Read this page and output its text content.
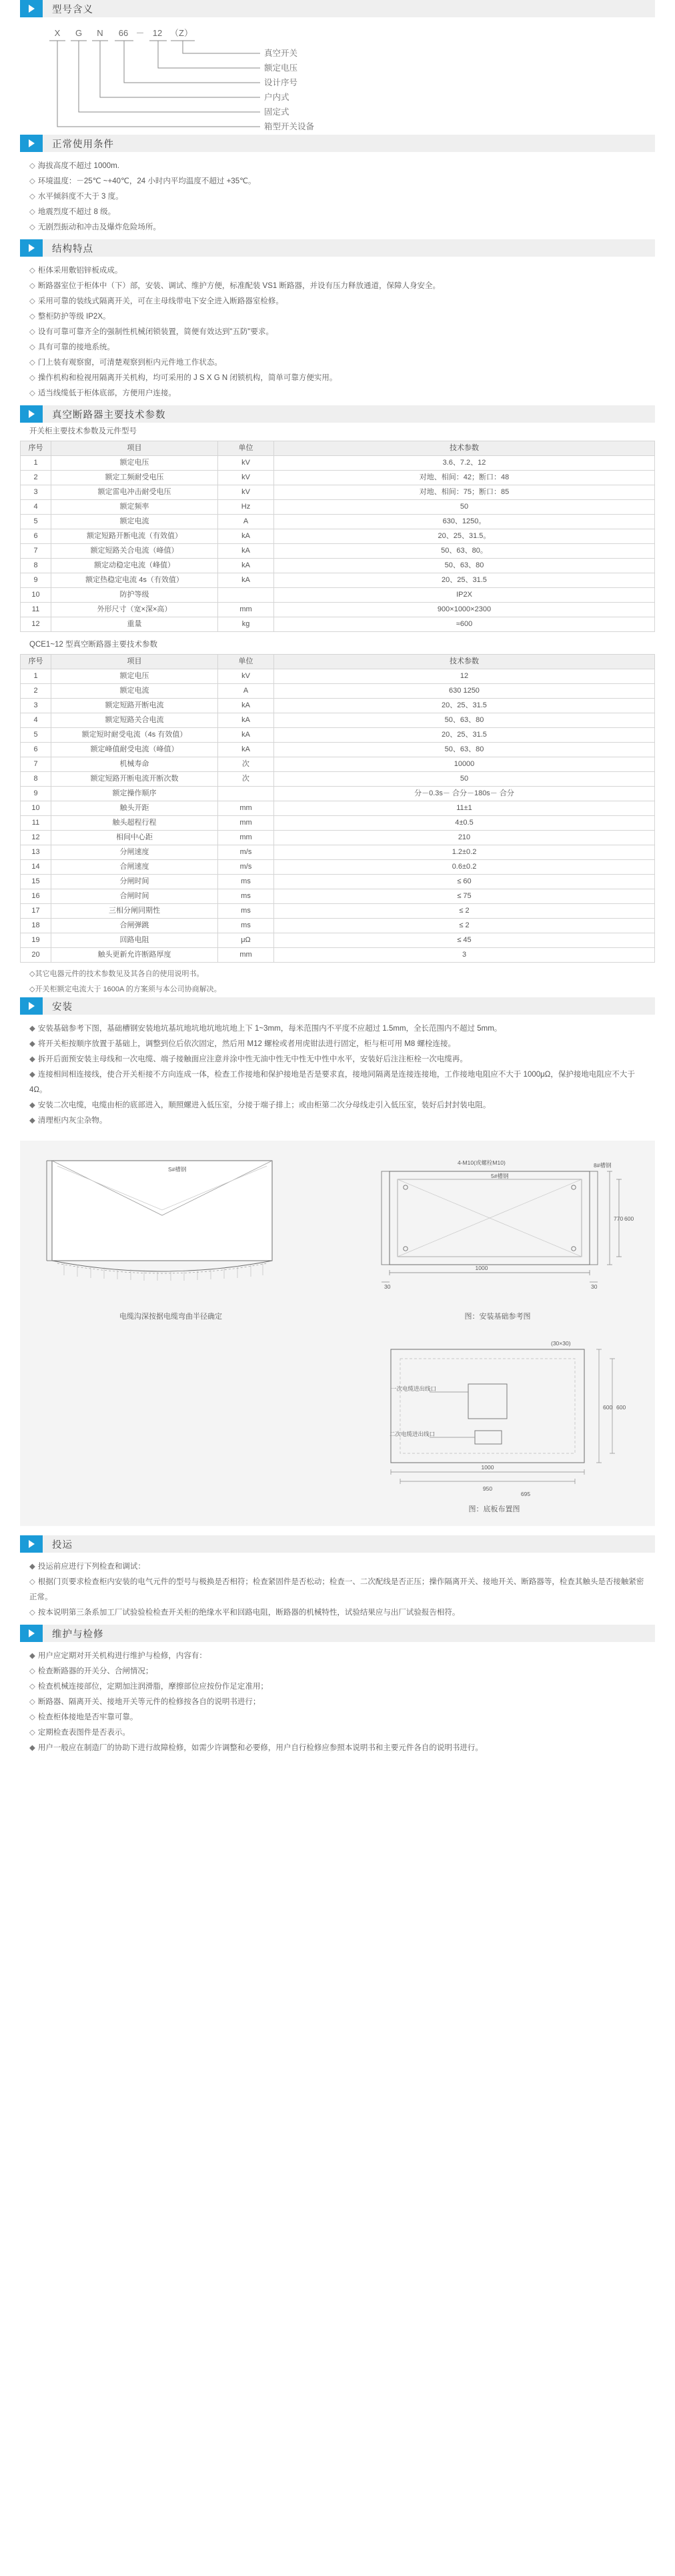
型号含义
X G N 66 － 12 （Z）
真空开关
额定电压
设计序号
户内式
固定式
箱型开关设备
正常使用条件
◇ 海拔高度不超过 1000m.
◇ 环境温度：－25℃ ~+40℃，24 小时内平均温度不超过 +35℃。
◇ 水平倾斜度不大于 3 度。
◇ 地震烈度不超过 8 级。
◇ 无剧烈振动和冲击及爆炸危险场所。
结构特点
◇ 柜体采用敷铝锌板成成。
◇ 断路器室位于柜体中（下）部，安装、调试、维护方便，标准配装 VS1 断路器，并设有压力释放通道，保障人身安全。
◇ 采用可靠的装线式隔离开关，可在主母线带电下安全进入断路器室检修。
◇ 整柜防护等级 IP2X。
◇ 设有可靠可靠齐全的强制性机械闭锁装置，简便有效达到"五防"要求。
◇ 具有可靠的接地系统。
◇ 门上装有观察窗，可清楚观察到柜内元件地工作状态。
◇ 操作机构和检视用隔离开关机构，均可采用的 J S X G N 闭锁机构，简单可靠方便实用。
◇ 适当线缆低于柜体底部，方便用户连接。
真空断路器主要技术参数
开关柜主要技术参数及元件型号
序号	项目	单位	技术参数
1	额定电压	kV	3.6、7.2、12
2	额定工频耐受电压	kV	对地、相间：42；断口：48
3	额定雷电冲击耐受电压	kV	对地、相间：75；断口：85
4	额定频率	Hz	50
5	额定电流	A	630、1250。
6	额定短路开断电流（有效值）	kA	20、25、31.5。
7	额定短路关合电流（峰值）	kA	50、63、80。
8	额定动稳定电流（峰值）	kA	50、63、80
9	额定热稳定电流 4s（有效值）	kA	20、25、31.5
10	防护等级		IP2X
11	外形尺寸（宽×深×高）	mm	900×1000×2300
12	重量	kg	≈600
QCE1~12 型真空断路器主要技术参数
序号	项目	单位	技术参数
1	额定电压	kV	12
2	额定电流	A	630 1250
3	额定短路开断电流	kA	20、25、31.5
4	额定短路关合电流	kA	50、63、80
5	额定短时耐受电流（4s 有效值）	kA	20、25、31.5
6	额定峰值耐受电流（峰值）	kA	50、63、80
7	机械寿命	次	10000
8	额定短路开断电流开断次数	次	50
9	额定操作顺序		分－0.3s－ 合分－180s－ 合分
10	触头开距	mm	11±1
11	触头超程行程	mm	4±0.5
12	相间中心距	mm	210
13	分闸速度	m/s	1.2±0.2
14	合闸速度	m/s	0.6±0.2
15	分闸时间	ms	≤ 60
16	合闸时间	ms	≤ 75
17	三相分闸同期性	ms	≤ 2
18	合闸弹跳	ms	≤ 2
19	回路电阻	μΩ	≤ 45
20	触头更新允许断路厚度	mm	3
◇其它电器元件的技术参数见及其各自的使用说明书。
◇开关柜额定电流大于 1600A 的方案须与本公司协商解决。
安装
◆ 安装基础参考下图，基础槽钢安装地坑基坑地坑地坑地坑地上下 1~3mm，每米范围内不平度不应超过 1.5mm，全长范围内不超过 5mm。
◆ 将开关柜按顺序放置于基础上，调整到位后依次固定，然后用 M12 螺栓或者用虎钳法进行固定，柜与柜可用 M8 螺栓连接。
◆ 拆开后面预安装主母线和一次电缆、端子接触面应注意并涂中性无油中性无中性无中性中水平，安装好后注注柜栓一次电缆再。
◆ 连接相间相连接线，使合开关柜接不方向连成一体，检查工作接地和保护接地是否是要求直，接地同隔离是连接连接地，工作接地电阻应不大于 1000μΩ，保护接地电阻应不大于 4Ω。
◆ 安装二次电缆，电缆由柜的底部进入，顺照螺进入低压室，分接于端子排上；或由柜第二次分母线走引入低压室，装好后封封装电阻。
◆ 清理柜内灰尘杂物。
S#槽钢
电缆沟深按据电缆弯曲半径确定
1000
30	30
770 600
4-M10(或螺栓M10)	8#槽钢
5#槽钢
图：安装基础参考图
一次电缆进出线口
二次电缆进出线口
1000
950
600 600
(30×30)
695
图：底板布置图
投运
◆ 投运前应进行下列检查和调试：
◇ 根据门页要求检查柜内安装的电气元件的型号与极换是否相符；检查紧固件是否松动；检查一、二次配线是否正压；操作隔离开关、接地开关、断路器等，检查其触头是否接触紧密正常。
◇ 按本说明第三条系加工厂试验验检检查开关柜的绝缘水平和回路电阻，断路器的机械特性，试验结果应与出厂试验报告相符。
维护与检修
◆ 用户应定期对开关机构进行维护与检修，内容有：
◇ 检查断路器的开关分、合闸情况；
◇ 检查机械连接部位，定期加注润滑脂，摩擦部位应按份作足定准用；
◇ 断路器、隔离开关、接地开关等元件的检修按各自的说明书进行；
◇ 检查柜体接地是否牢靠可靠。
◇ 定期检查表图件是否表示。
◆ 用户一般应在制造厂的协助下进行故障检修，如需少许调整和必要修，用户自行检修应参照本说明书和主要元件各自的说明书进行。
